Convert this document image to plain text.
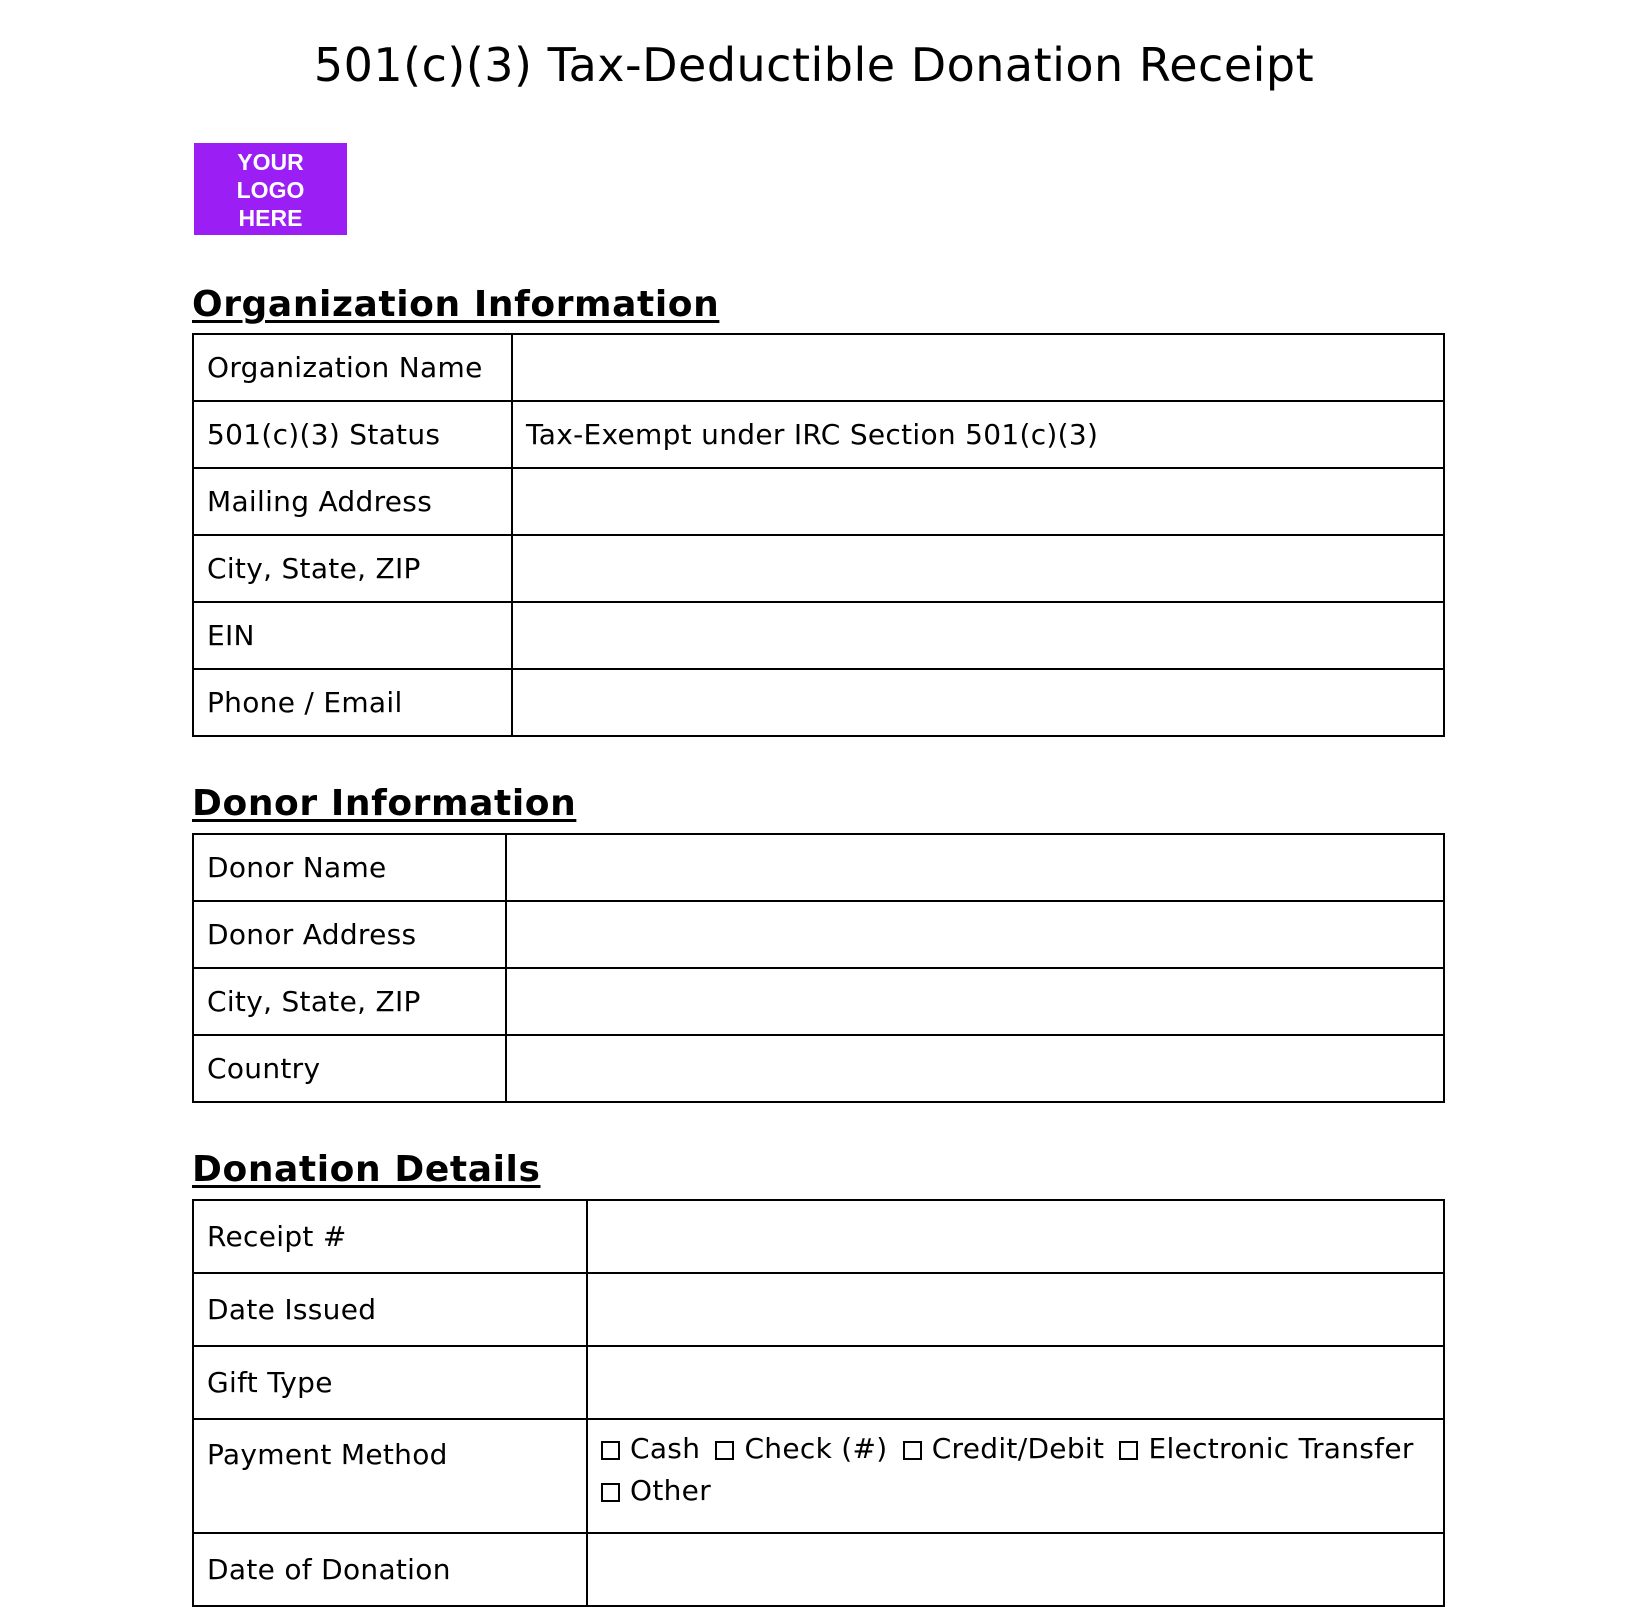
501(c)(3) Tax-Deductible Donation Receipt
YOUR
LOGO
HERE
Organization Information
Organization Name	
501(c)(3) Status	Tax-Exempt under IRC Section 501(c)(3)
Mailing Address	
City, State, ZIP	
EIN	
Phone / Email	
Donor Information
Donor Name	
Donor Address	
City, State, ZIP	
Country	
Donation Details
Receipt #	
Date Issued	
Gift Type	
Payment Method	Cash Check (#) Credit/Debit Electronic Transfer Other
Date of Donation	
